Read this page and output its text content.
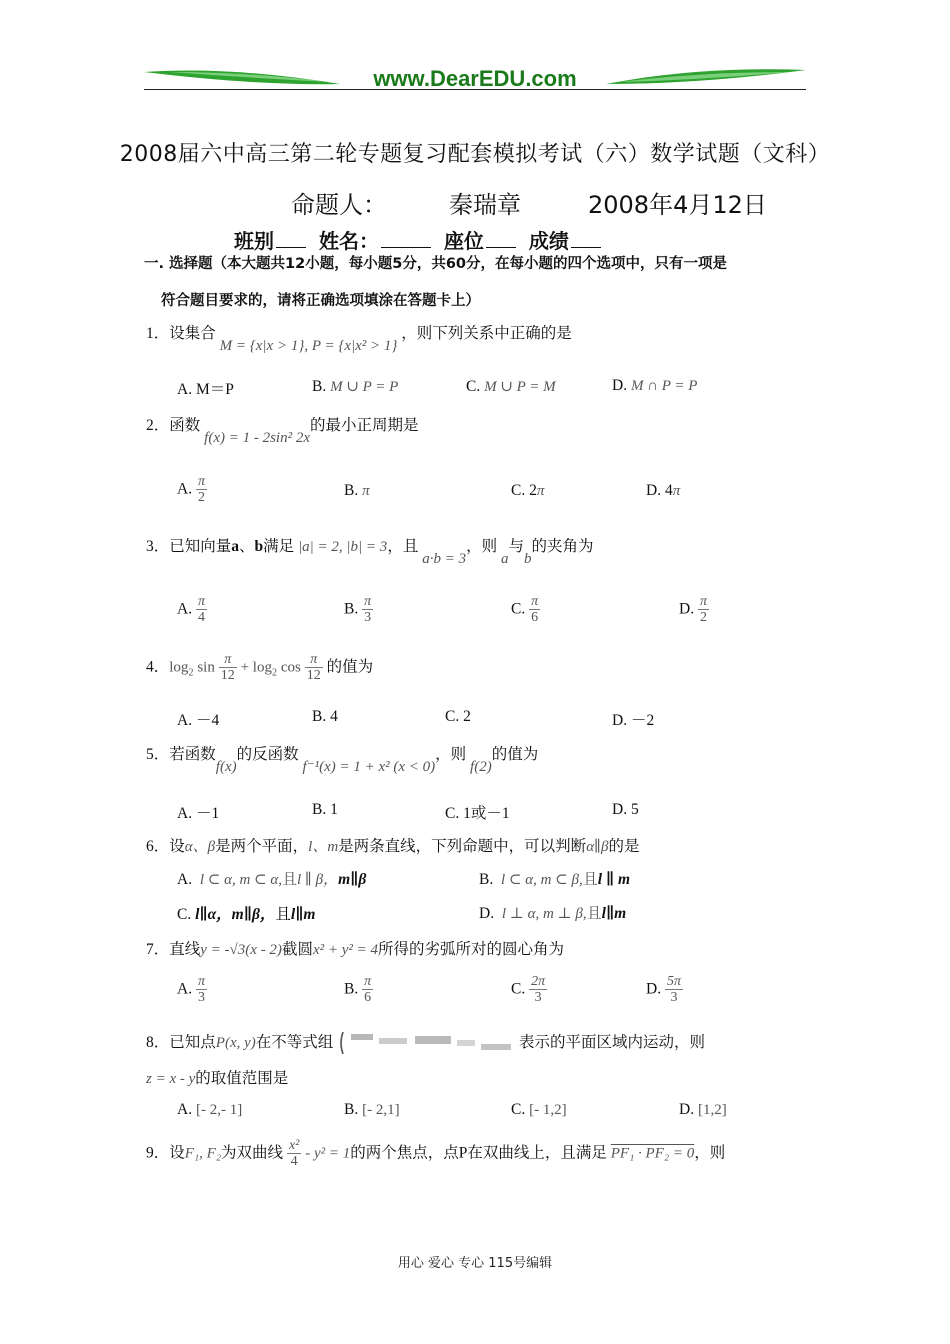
www.DearEDU.com
2008届六中高三第二轮专题复习配套模拟考试（六）数学试题（文科）
命题人：	秦瑞章	2008年4月12日
班别 姓名：	座位 成绩
一. 选择题（本大题共12小题，每小题5分，共60分，在每小题的四个选项中，只有一项是
符合题目要求的，请将正确选项填涂在答题卡上）
1．设集合 M = {x|x > 1}, P = {x|x² > 1} ，则下列关系中正确的是
A. M＝P	B. M ∪ P = P	C. M ∪ P = M	D. M ∩ P = P
2．函数 f(x) = 1 - 2sin² 2x的最小正周期是
A. $\frac{\pi}{2}$	B. π	C. 2π	D. 4π
3．已知向量a、b满足 |a| = 2, |b| = 3，且 a·b = 3，则 a与b的夹角为
A. $\frac{\pi}{4}$	B. $\frac{\pi}{3}$	C. $\frac{\pi}{6}$	D. $\frac{\pi}{2}$
4．$\log_2 \sin \frac{\pi}{12} + \log_2 \cos \frac{\pi}{12}$ 的值为
A. －4	B. 4	C. 2	D. －2
5．若函数f(x)的反函数 f⁻¹(x) = 1 + x² (x < 0)，则 f(2)的值为
A. －1	B. 1	C. 1或－1	D. 5
6．设α、β是两个平面，l、m是两条直线，下列命题中，可以判断α∥β的是
A. l ⊂ α, m ⊂ α,且l ∥ β，m∥β	B. l ⊂ α, m ⊂ β,且l ∥ m
C. l∥α，m∥β，且l∥m	D. l ⊥ α, m ⊥ β,且l∥m
7．直线y = -√3(x - 2)截圆x² + y² = 4所得的劣弧所对的圆心角为
A. $\frac{\pi}{3}$	B. $\frac{\pi}{6}$	C. $\frac{2\pi}{3}$	D. $\frac{5\pi}{3}$
8．已知点P(x, y)在不等式组	表示的平面区域内运动，则
z = x - y的取值范围是
A. [- 2,- 1]	B. [- 2,1]	C. [- 1,2]	D. [1,2]
9．设F₁, F₂为双曲线 $\frac{\text{x²}}{4} - y^2 = 1$的两个焦点，点P在双曲线上，且满足 PF₁ · PF₂ = 0，则
用心 爱心 专心 115号编辑
